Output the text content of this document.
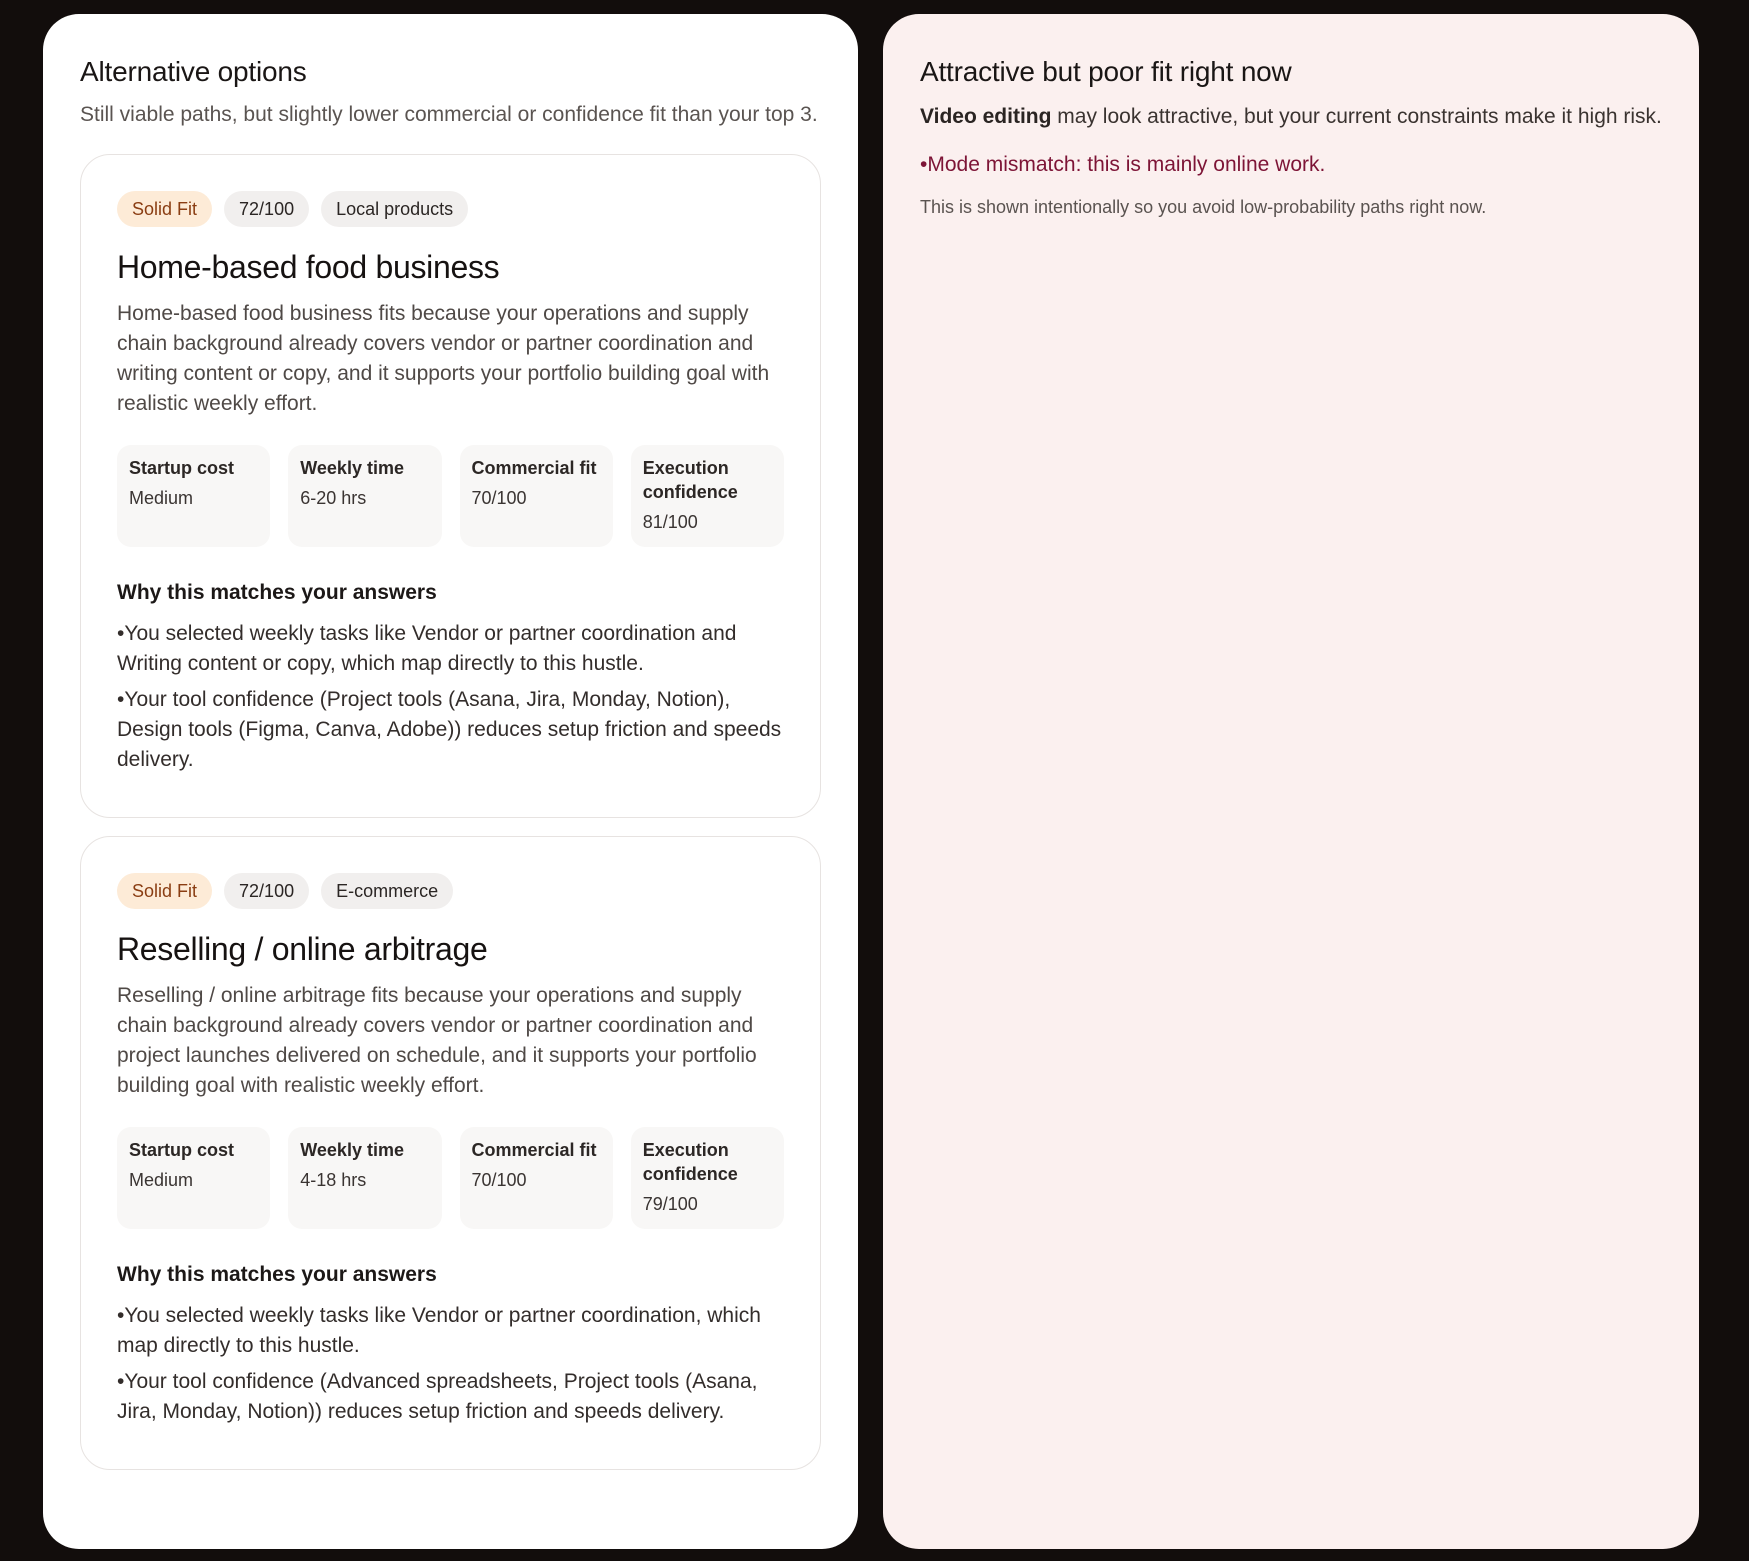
Alternative options

Still viable paths, but slightly lower commercial or confidence fit than your top 3.

Solid Fit	72/100	Local products
Home-based food business

Home-based food business fits because your operations and supply chain background already covers vendor or partner coordination and writing content or copy, and it supports your portfolio building goal with realistic weekly effort.

Startup cost
Medium
Weekly time
6-20 hrs
Commercial fit
70/100
Execution confidence
81/100
Why this matches your answers
• You selected weekly tasks like Vendor or partner coordination and Writing content or copy, which map directly to this hustle.
• Your tool confidence (Project tools (Asana, Jira, Monday, Notion), Design tools (Figma, Canva, Adobe)) reduces setup friction and speeds delivery.
Solid Fit	72/100	E-commerce
Reselling / online arbitrage

Reselling / online arbitrage fits because your operations and supply chain background already covers vendor or partner coordination and project launches delivered on schedule, and it supports your portfolio building goal with realistic weekly effort.

Startup cost
Medium
Weekly time
4-18 hrs
Commercial fit
70/100
Execution confidence
79/100
Why this matches your answers
• You selected weekly tasks like Vendor or partner coordination, which map directly to this hustle.
• Your tool confidence (Advanced spreadsheets, Project tools (Asana, Jira, Monday, Notion)) reduces setup friction and speeds delivery.
Attractive but poor fit right now

Video editing may look attractive, but your current constraints make it high risk.

• Mode mismatch: this is mainly online work.

This is shown intentionally so you avoid low-probability paths right now.
